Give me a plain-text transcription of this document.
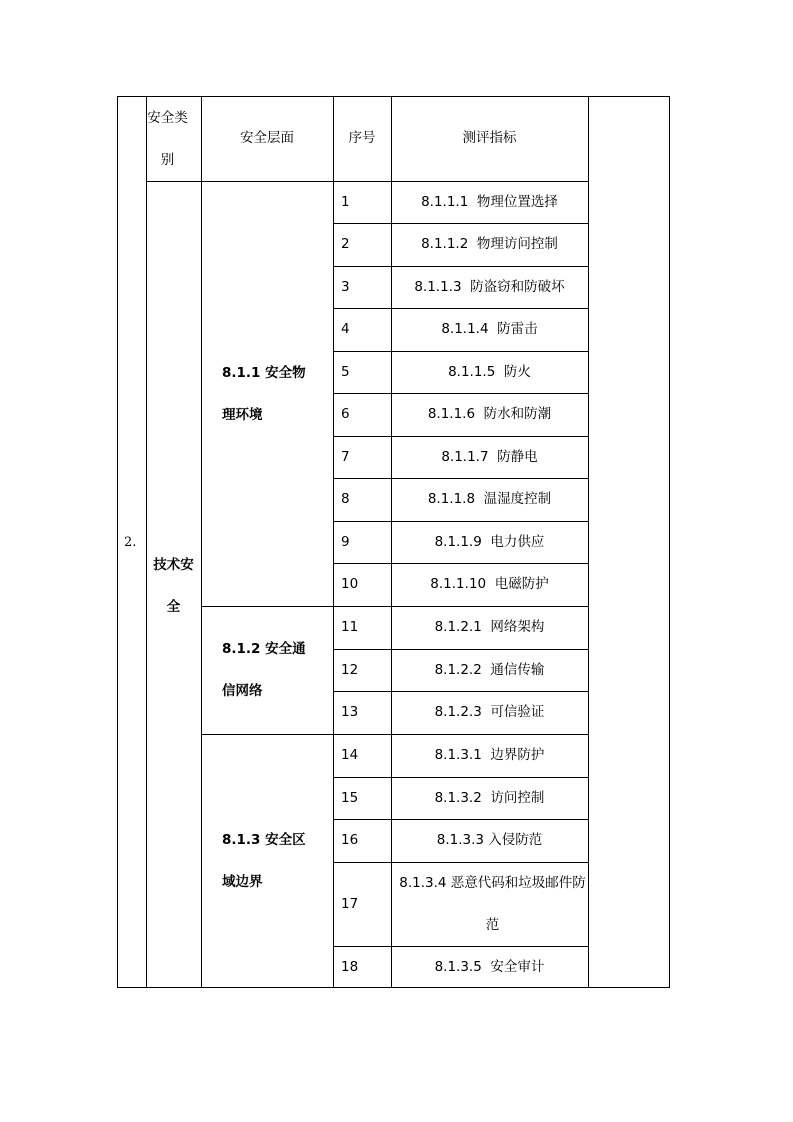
安全类别
安全层面	序号	测评指标
2.
技术安全
8.1.1 安全物理环境
8.1.2 安全通信网络
8.1.3 安全区域边界
1
2
3
4
5
6
7
8
9
10
11
12
13
14
15
16
17
18
8.1.1.1  物理位置选择
8.1.1.2  物理访问控制
8.1.1.3  防盗窃和防破坏
8.1.1.4  防雷击
8.1.1.5  防火
8.1.1.6  防水和防潮
8.1.1.7  防静电
8.1.1.8  温湿度控制
8.1.1.9  电力供应
8.1.1.10  电磁防护
8.1.2.1  网络架构
8.1.2.2  通信传输
8.1.2.3  可信验证
8.1.3.1  边界防护
8.1.3.2  访问控制
8.1.3.3 入侵防范
8.1.3.4 恶意代码和垃圾邮件防范
8.1.3.5  安全审计
